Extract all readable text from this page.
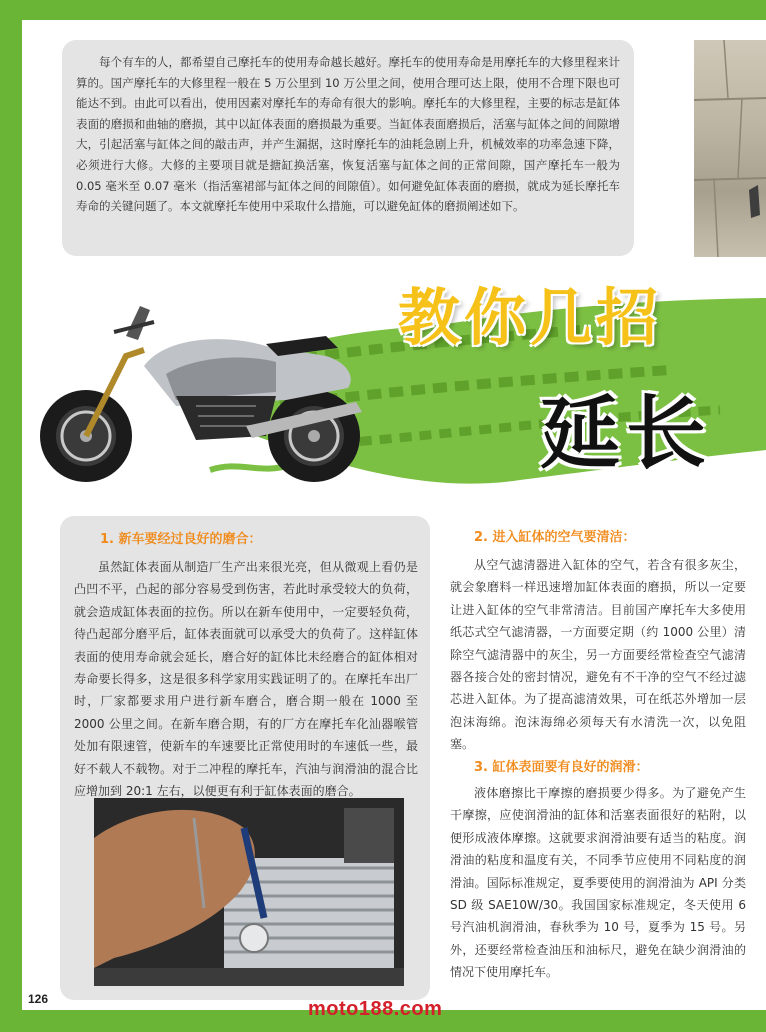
每个有车的人，都希望自己摩托车的使用寿命越长越好。摩托车的使用寿命是用摩托车的大修里程来计算的。国产摩托车的大修里程一般在 5 万公里到 10 万公里之间，使用合理可达上限，使用不合理下限也可能达不到。由此可以看出，使用因素对摩托车的寿命有很大的影响。摩托车的大修里程，主要的标志是缸体表面的磨损和曲轴的磨损，其中以缸体表面的磨损最为重要。当缸体表面磨损后，活塞与缸体之间的间隙增大，引起活塞与缸体之间的敲击声，并产生漏据，这时摩托车的油耗急剧上升，机械效率的功率急速下降，必须进行大修。大修的主要项目就是搪缸换活塞，恢复活塞与缸体之间的正常间隙，国产摩托车一般为 0.05 毫米至 0.07 毫米（指活塞裙部与缸体之间的间隙值）。如何避免缸体表面的磨损，就成为延长摩托车寿命的关键问题了。本文就摩托车使用中采取什么措施，可以避免缸体的磨损阐述如下。

教你几招
延长
1. 新车要经过良好的磨合：

虽然缸体表面从制造厂生产出来很光亮，但从微观上看仍是凸凹不平，凸起的部分容易受到伤害，若此时承受较大的负荷，就会造成缸体表面的拉伤。所以在新车使用中，一定要轻负荷，待凸起部分磨平后，缸体表面就可以承受大的负荷了。这样缸体表面的使用寿命就会延长，磨合好的缸体比未经磨合的缸体相对寿命要长得多，这是很多科学家用实践证明了的。在摩托车出厂时，厂家都要求用户进行新车磨合，磨合期一般在 1000 至 2000 公里之间。在新车磨合期，有的厂方在摩托车化汕器喉管处加有限速管，使新车的车速要比正常使用时的车速低一些，最好不载人不载物。对于二冲程的摩托车，汽油与润滑油的混合比应增加到 20:1 左右，以便更有利于缸体表面的磨合。

2. 进入缸体的空气要清洁：

从空气滤清器进入缸体的空气，若含有很多灰尘，就会象磨料一样迅速增加缸体表面的磨损，所以一定要让进入缸体的空气非常清洁。目前国产摩托车大多使用纸芯式空气滤清器，一方面要定期（约 1000 公里）清除空气滤清器中的灰尘，另一方面要经常检查空气滤清器各接合处的密封情况，避免有不干净的空气不经过滤芯进入缸体。为了提高滤清效果，可在纸芯外增加一层泡沫海绵。泡沫海绵必须每天有水清洗一次，以免阻塞。

3. 缸体表面要有良好的润滑：

液体磨擦比干摩擦的磨损要少得多。为了避免产生干摩擦，应使润滑油的缸体和活塞表面很好的粘附，以便形成液体摩擦。这就要求润滑油要有适当的粘度。润滑油的粘度和温度有关，不同季节应使用不同粘度的润滑油。国际标准规定，夏季要使用的润滑油为 API 分类 SD 级 SAE10W/30。我国国家标准规定，冬天使用 6 号汽油机润滑油，春秋季为 10 号，夏季为 15 号。另外，还要经常检查油压和油标尺，避免在缺少润滑油的情况下使用摩托车。

126	moto188.com
